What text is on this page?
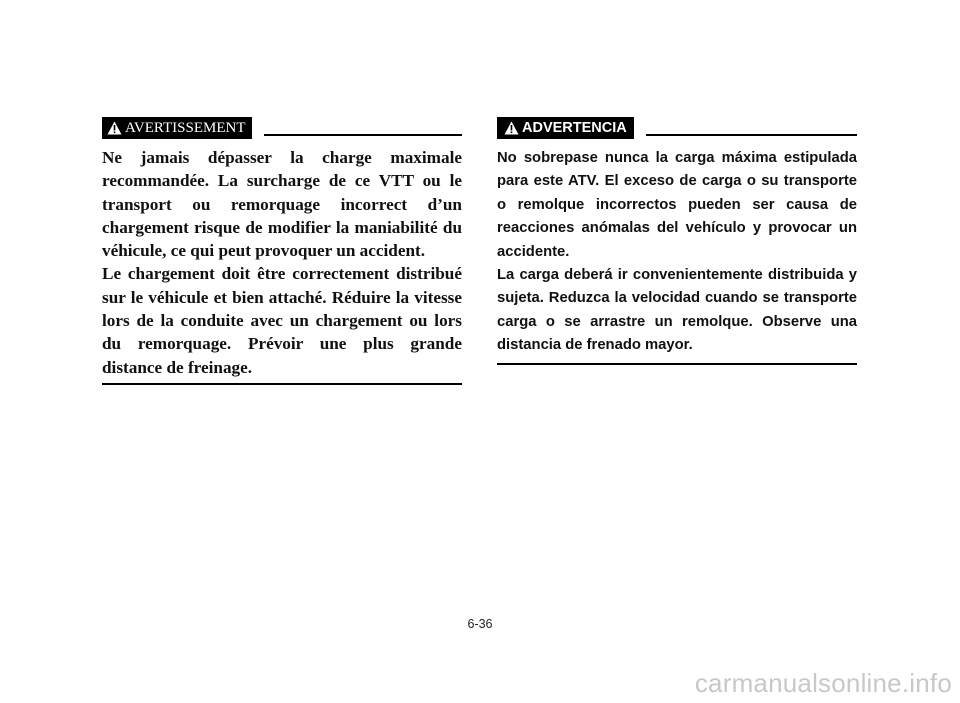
AVERTISSEMENT

Ne jamais dépasser la charge maximale recommandée. La surcharge de ce VTT ou le transport ou remorquage incorrect d’un chargement risque de modifier la maniabilité du véhicule, ce qui peut provoquer un accident.

Le chargement doit être correctement distribué sur le véhicule et bien attaché. Réduire la vitesse lors de la conduite avec un chargement ou lors du remorquage. Prévoir une plus grande distance de freinage.

ADVERTENCIA

No sobrepase nunca la carga máxima estipulada para este ATV. El exceso de carga o su transporte o remolque incorrectos pueden ser causa de reacciones anómalas del vehículo y provocar un accidente.

La carga deberá ir convenientemente distribuida y sujeta. Reduzca la velocidad cuando se transporte carga o se arrastre un remolque. Observe una distancia de frenado mayor.

6-36
carmanualsonline.info
